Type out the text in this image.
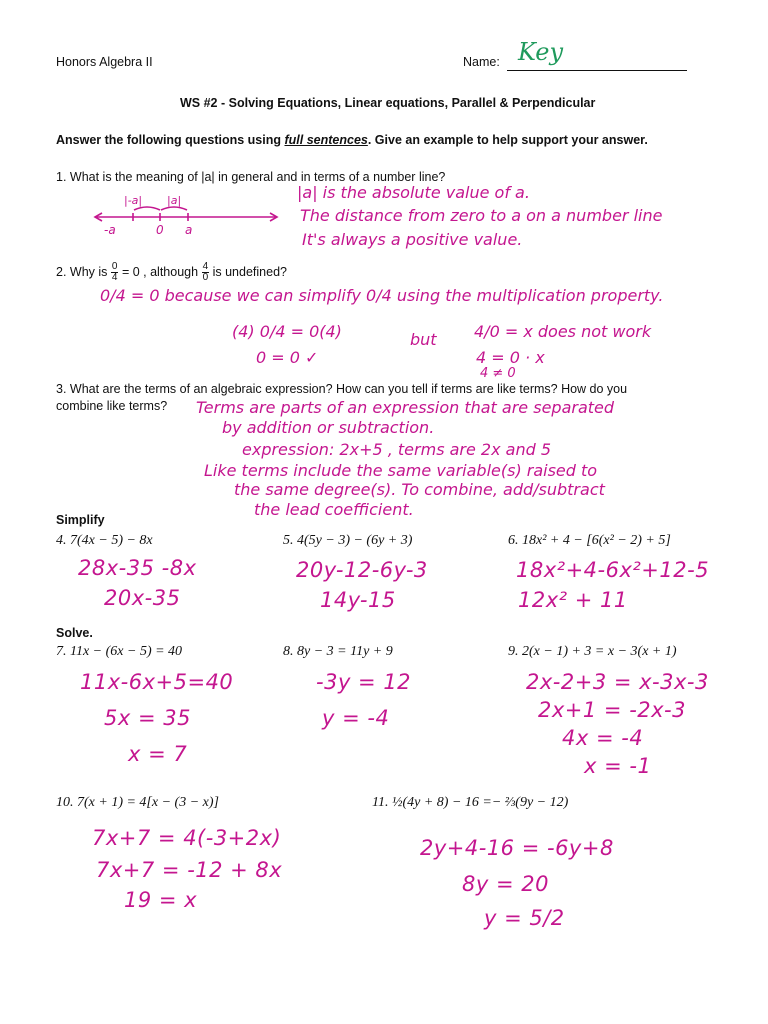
Honors Algebra II	Name: Key
WS #2 - Solving Equations, Linear equations, Parallel & Perpendicular
Answer the following questions using full sentences. Give an example to help support your answer.
1. What is the meaning of |a| in general and in terms of a number line?
|-a| |a|
-a	0 a
|a| is the absolute value of a.
The distance from zero to a on a number line
It's always a positive value.
2. Why is $\frac{0}{4} = 0$ , although $\frac{4}{0}$ is undefined?
0/4 = 0 because we can simplify 0/4 using the multiplication property.
(4) 0/4 = 0(4)
0 = 0 ✓
but 4/0 = x does not work
4 = 0 · x
4 ≠ 0
3. What are the terms of an algebraic expression? How can you tell if terms are like terms? How do you
combine like terms? Terms are parts of an expression that are separated
by addition or subtraction.
expression: 2x+5 , terms are 2x and 5
Like terms include the same variable(s) raised to
the same degree(s). To combine, add/subtract
the lead coefficient.
Simplify
4. 7(4x − 5) − 8x
28x-35 -8x
20x-35
5. 4(5y − 3) − (6y + 3)
20y-12-6y-3
14y-15
6. 18x² + 4 − [6(x² − 2) + 5]
18x²+4-6x²+12-5
12x² + 11
Solve.
7. 11x − (6x − 5) = 40
11x-6x+5=40
5x = 35
x = 7
8. 8y − 3 = 11y + 9
-3y = 12
y = -4
9. 2(x − 1) + 3 = x − 3(x + 1)
2x-2+3 = x-3x-3
2x+1 = -2x-3
4x = -4
x = -1
10. 7(x + 1) = 4[x − (3 − x)]
7x+7 = 4(-3+2x)
7x+7 = -12 + 8x
19 = x
11. ½(4y + 8) − 16 =− ⅔(9y − 12)
2y+4-16 = -6y+8
8y = 20
y = 5/2
